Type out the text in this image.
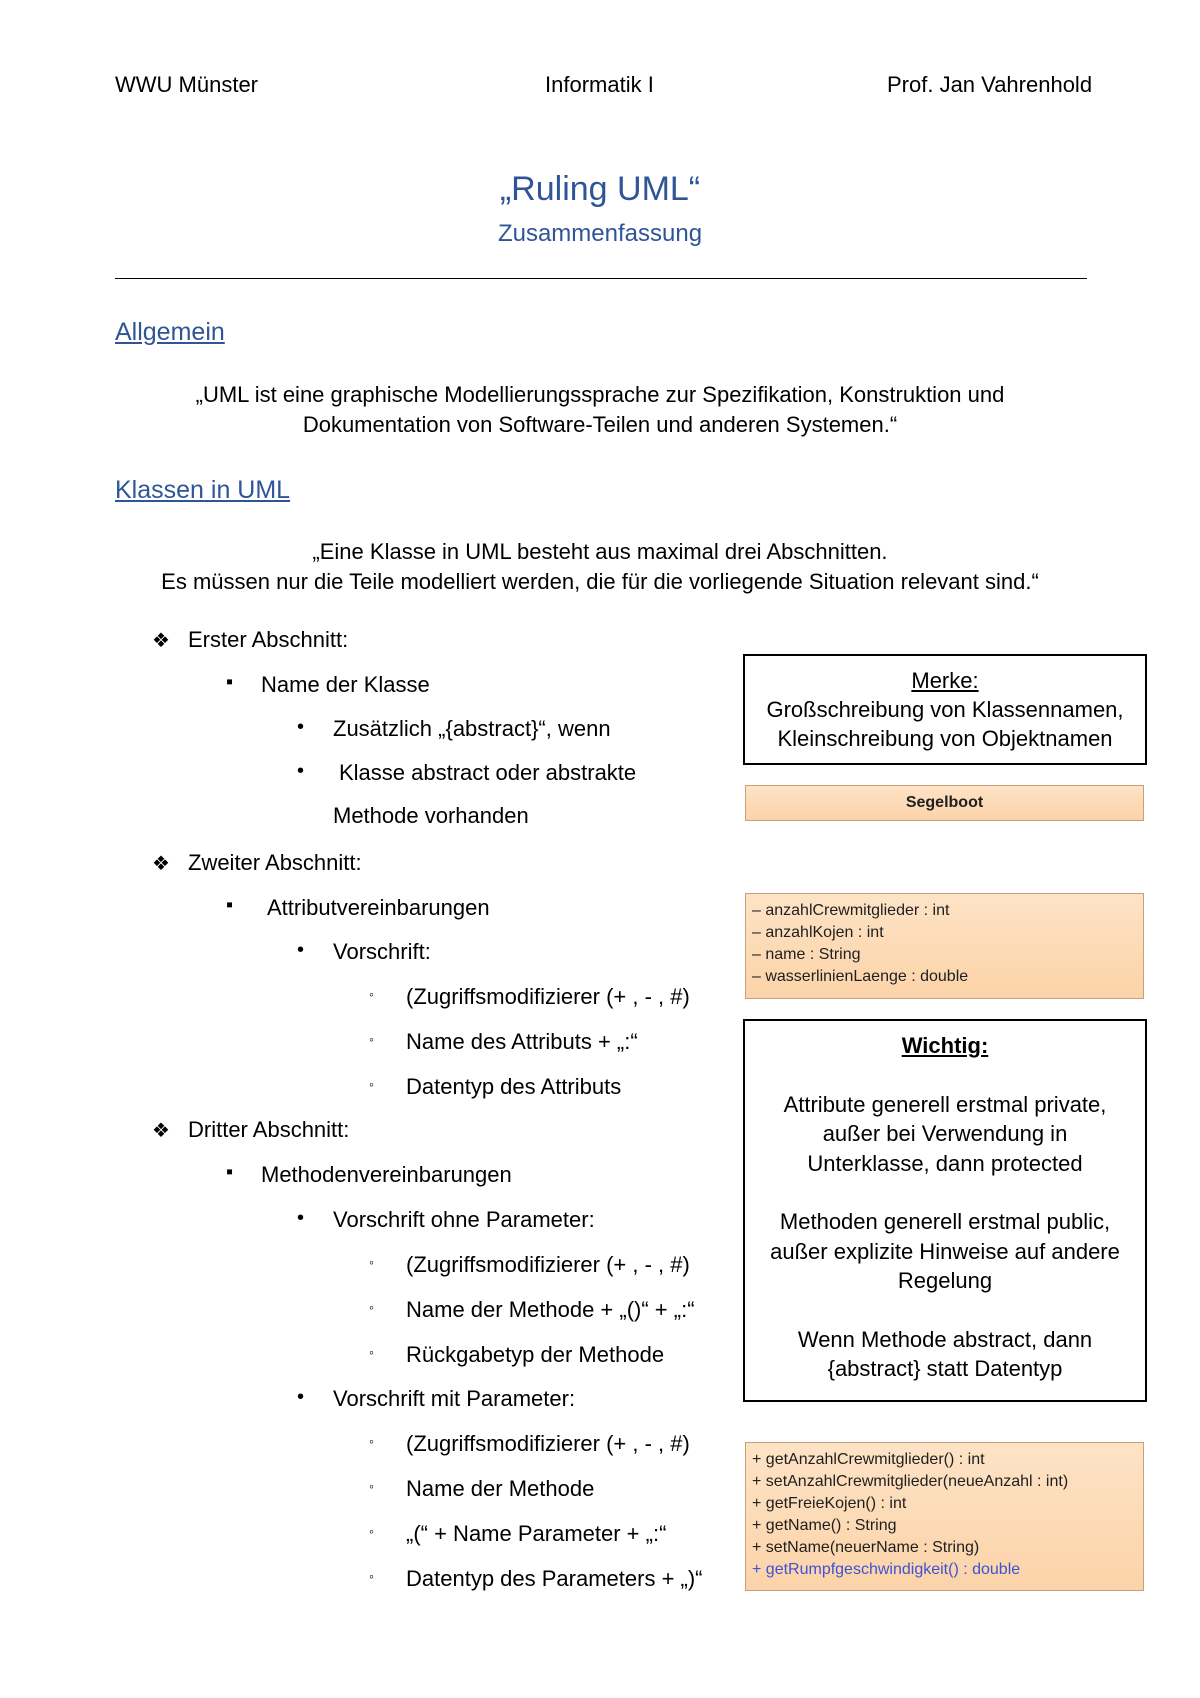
WWU Münster	Informatik I	Prof. Jan Vahrenhold
„Ruling UML“
Zusammenfassung
Allgemein
„UML ist eine graphische Modellierungssprache zur Spezifikation, Konstruktion und
Dokumentation von Software-Teilen und anderen Systemen.“
Klassen in UML
„Eine Klasse in UML besteht aus maximal drei Abschnitten.
Es müssen nur die Teile modelliert werden, die für die vorliegende Situation relevant sind.“
❖ Erster Abschnitt:
▪ Name der Klasse
• Zusätzlich „{abstract}“, wenn
• Klasse abstract oder abstrakte
Methode vorhanden
❖ Zweiter Abschnitt:
▪ Attributvereinbarungen
• Vorschrift:
◦ (Zugriffsmodifizierer (+ , - , #)
◦ Name des Attributs + „:“
◦ Datentyp des Attributs
❖ Dritter Abschnitt:
▪ Methodenvereinbarungen
• Vorschrift ohne Parameter:
◦ (Zugriffsmodifizierer (+ , - , #)
◦ Name der Methode + „()“ + „:“
◦ Rückgabetyp der Methode
• Vorschrift mit Parameter:
◦ (Zugriffsmodifizierer (+ , - , #)
◦ Name der Methode
◦ „(“ + Name Parameter + „:“
◦ Datentyp des Parameters + „)“
Merke:
Großschreibung von Klassennamen,
Kleinschreibung von Objektnamen
Segelboot
– anzahlCrewmitglieder : int
– anzahlKojen : int
– name : String
– wasserlinienLaenge : double
Wichtig:
Attribute generell erstmal private,
außer bei Verwendung in
Unterklasse, dann protected
Methoden generell erstmal public,
außer explizite Hinweise auf andere
Regelung
Wenn Methode abstract, dann
{abstract} statt Datentyp
+ getAnzahlCrewmitglieder() : int
+ setAnzahlCrewmitglieder(neueAnzahl : int)
+ getFreieKojen() : int
+ getName() : String
+ setName(neuerName : String)
+ getRumpfgeschwindigkeit() : double
